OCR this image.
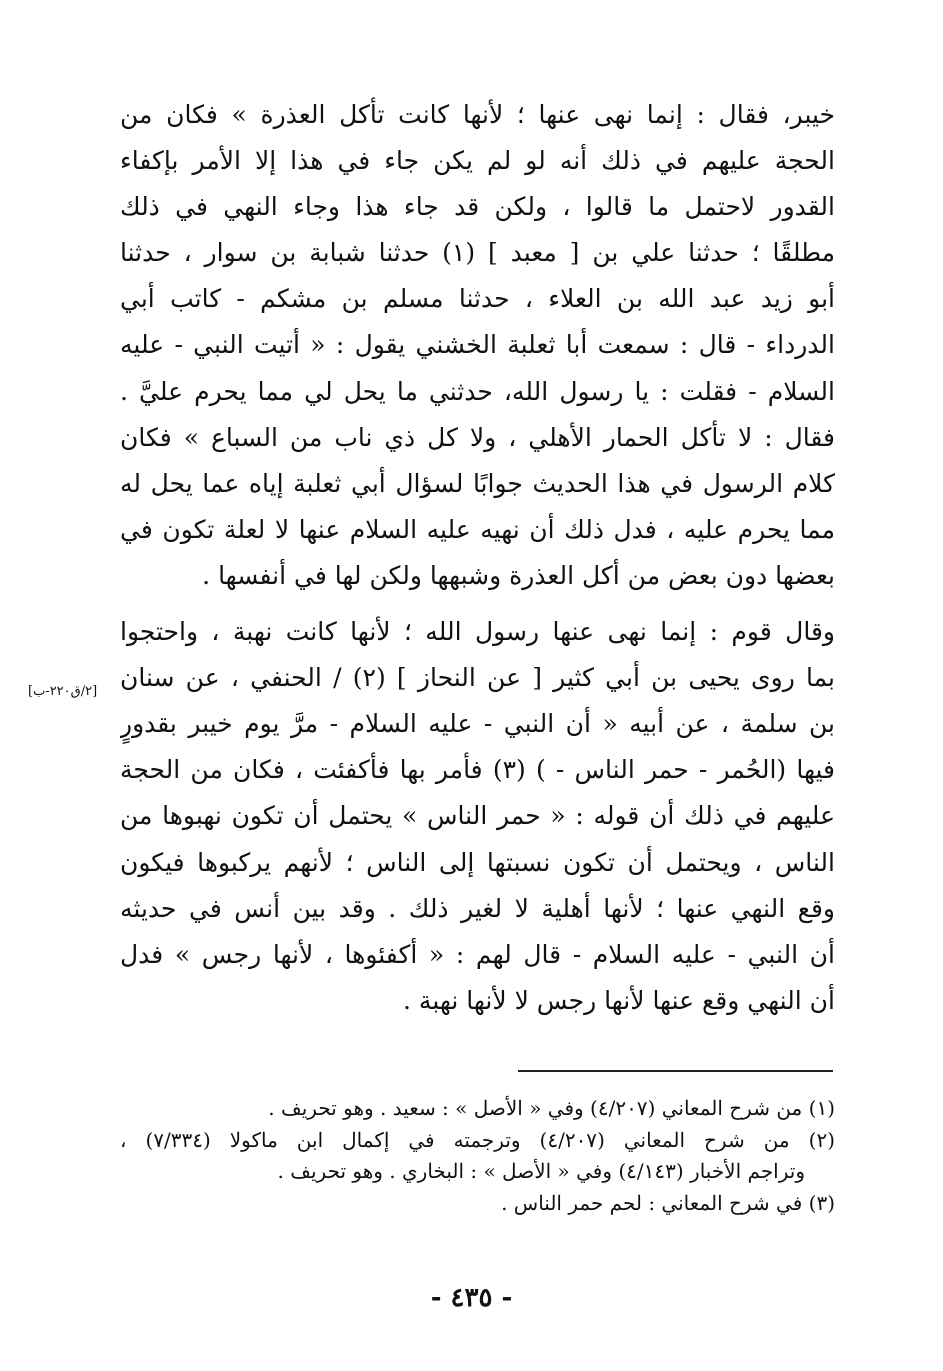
خيبر، فقال : إنما نهى عنها ؛ لأنها كانت تأكل العذرة » فكان من
الحجة عليهم في ذلك أنه لو لم يكن جاء في هذا إلا الأمر بإكفاء
القدور لاحتمل ما قالوا ، ولكن قد جاء هذا وجاء النهي في ذلك
مطلقًا ؛ حدثنا علي بن [ معبد ] (١) حدثنا شبابة بن سوار ، حدثنا
أبو زيد عبد الله بن العلاء ، حدثنا مسلم بن مشكم - كاتب أبي
الدرداء - قال : سمعت أبا ثعلبة الخشني يقول : « أتيت النبي - عليه
السلام - فقلت : يا رسول الله، حدثني ما يحل لي مما يحرم عليَّ .
فقال : لا تأكل الحمار الأهلي ، ولا كل ذي ناب من السباع » فكان
كلام الرسول في هذا الحديث جوابًا لسؤال أبي ثعلبة إياه عما يحل له
مما يحرم عليه ، فدل ذلك أن نهيه عليه السلام عنها لا لعلة تكون في
بعضها دون بعض من أكل العذرة وشبهها ولكن لها في أنفسها .
وقال قوم : إنما نهى عنها رسول الله ؛ لأنها كانت نهبة ، واحتجوا
بما روى يحيى بن أبي كثير [ عن النحاز ] (٢) / الحنفي ، عن سنان
بن سلمة ، عن أبيه « أن النبي - عليه السلام - مرَّ يوم خيبر بقدورٍ
فيها (الحُمر - حمر الناس - ) (٣) فأمر بها فأكفئت ، فكان من الحجة
عليهم في ذلك أن قوله : « حمر الناس » يحتمل أن تكون نهبوها من
الناس ، ويحتمل أن تكون نسبتها إلى الناس ؛ لأنهم يركبوها فيكون
وقع النهي عنها ؛ لأنها أهلية لا لغير ذلك . وقد بين أنس في حديثه
أن النبي - عليه السلام - قال لهم : « أكفئوها ، لأنها رجس » فدل
أن النهي وقع عنها لأنها رجس لا لأنها نهبة .
[٢/ق٢٢٠-ب]
(١) من شرح المعاني (٤/٢٠٧) وفي « الأصل » : سعيد . وهو تحريف .
(٢) من شرح المعاني (٤/٢٠٧) وترجمته في إكمال ابن ماكولا (٧/٣٣٤) ،
وتراجم الأخبار (٤/١٤٣) وفي « الأصل » : البخاري . وهو تحريف .
(٣) في شرح المعاني : لحم حمر الناس .
- ٤٣٥ -
